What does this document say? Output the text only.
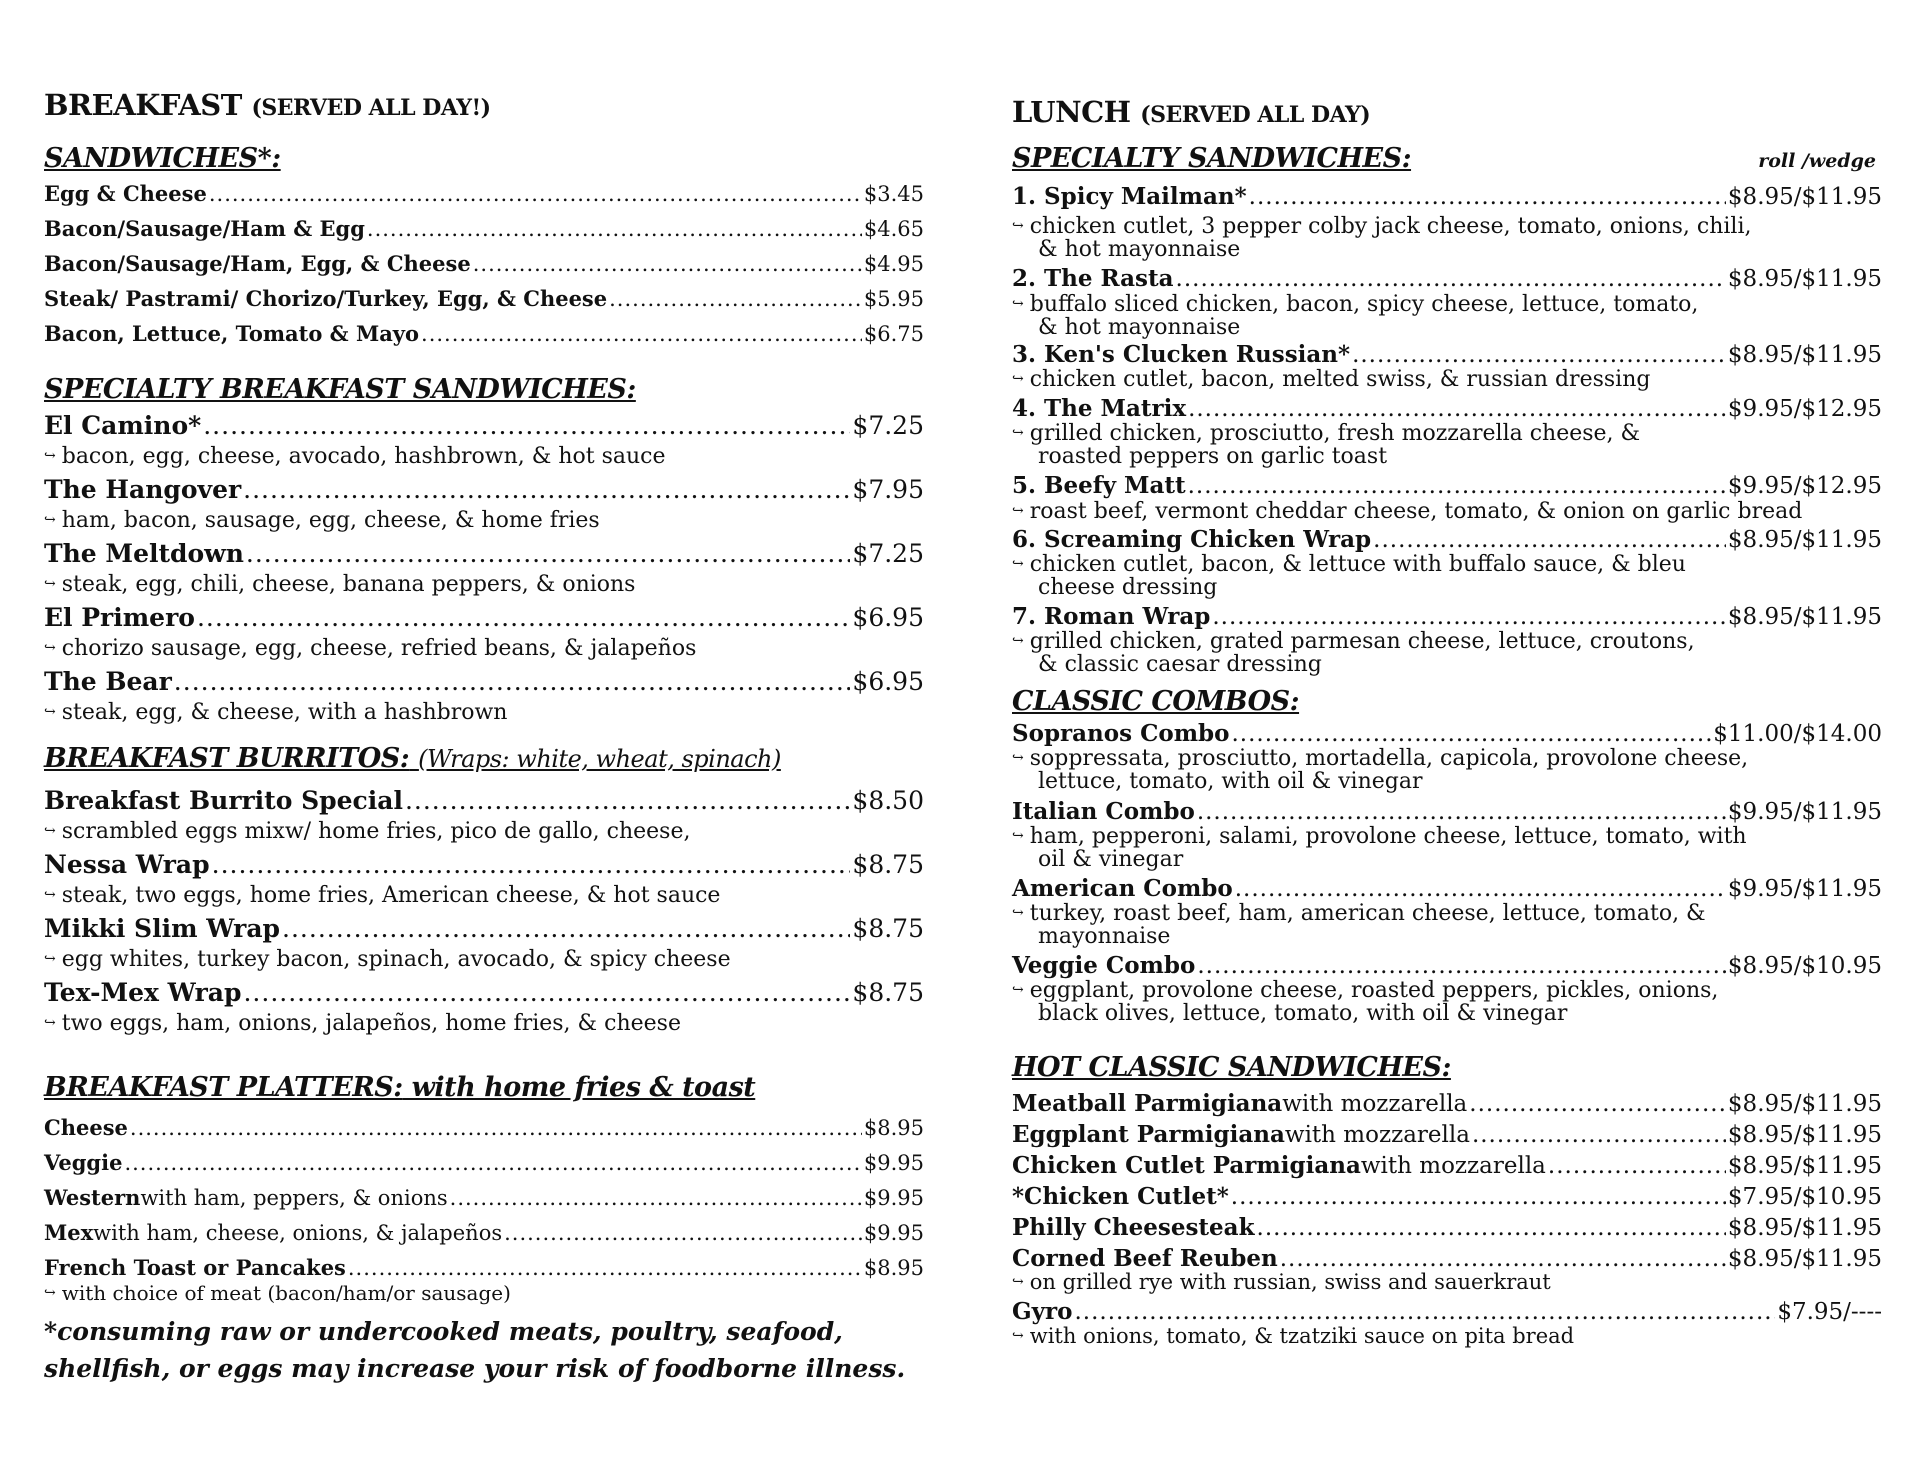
BREAKFAST (SERVED ALL DAY!)
SANDWICHES*:
Egg & Cheese .....	$3.45
Bacon/Sausage/Ham & Egg .....	$4.65
Bacon/Sausage/Ham, Egg, & Cheese .....	$4.95
Steak/ Pastrami/ Chorizo/Turkey, Egg, & Cheese .....	$5.95
Bacon, Lettuce, Tomato & Mayo .....	$6.75
SPECIALTY BREAKFAST SANDWICHES:
El Camino* .....	$7.25
↪ bacon, egg, cheese, avocado, hashbrown, & hot sauce
The Hangover .....	$7.95
↪ ham, bacon, sausage, egg, cheese, & home fries
The Meltdown .....	$7.25
↪ steak, egg, chili, cheese, banana peppers, & onions
El Primero .....	$6.95
↪ chorizo sausage, egg, cheese, refried beans, & jalapeños
The Bear .....	$6.95
↪ steak, egg, & cheese, with a hashbrown
BREAKFAST BURRITOS: (Wraps: white, wheat, spinach)
Breakfast Burrito Special .....	$8.50
↪ scrambled eggs mixw/ home fries, pico de gallo, cheese,
Nessa Wrap .....	$8.75
↪ steak, two eggs, home fries, American cheese, & hot sauce
Mikki Slim Wrap .....	$8.75
↪ egg whites, turkey bacon, spinach, avocado, & spicy cheese
Tex-Mex Wrap .....	$8.75
↪ two eggs, ham, onions, jalapeños, home fries, & cheese
BREAKFAST PLATTERS: with home fries & toast
Cheese .....	$8.95
Veggie .....	$9.95
Western with ham, peppers, & onions .....	$9.95
Mex with ham, cheese, onions, & jalapeños .....	$9.95
French Toast or Pancakes .....	$8.95
↪ with choice of meat (bacon/ham/or sausage)
*consuming raw or undercooked meats, poultry, seafood,
shellfish, or eggs may increase your risk of foodborne illness.
LUNCH (SERVED ALL DAY)
SPECIALTY SANDWICHES:	roll /wedge
1. Spicy Mailman* .....	$8.95/$11.95
↪ chicken cutlet, 3 pepper colby jack cheese, tomato, onions, chili,
& hot mayonnaise
2. The Rasta .....	$8.95/$11.95
↪ buffalo sliced chicken, bacon, spicy cheese, lettuce, tomato,
& hot mayonnaise
3. Ken's Clucken Russian* .....	$8.95/$11.95
↪ chicken cutlet, bacon, melted swiss, & russian dressing
4. The Matrix .....	$9.95/$12.95
↪ grilled chicken, prosciutto, fresh mozzarella cheese, &
roasted peppers on garlic toast
5. Beefy Matt .....	$9.95/$12.95
↪ roast beef, vermont cheddar cheese, tomato, & onion on garlic bread
6. Screaming Chicken Wrap .....	$8.95/$11.95
↪ chicken cutlet, bacon, & lettuce with buffalo sauce, & bleu
cheese dressing
7. Roman Wrap .....	$8.95/$11.95
↪ grilled chicken, grated parmesan cheese, lettuce, croutons,
& classic caesar dressing
CLASSIC COMBOS:
Sopranos Combo .....	$11.00/$14.00
↪ soppressata, prosciutto, mortadella, capicola, provolone cheese,
lettuce, tomato, with oil & vinegar
Italian Combo .....	$9.95/$11.95
↪ ham, pepperoni, salami, provolone cheese, lettuce, tomato, with
oil & vinegar
American Combo .....	$9.95/$11.95
↪ turkey, roast beef, ham, american cheese, lettuce, tomato, &
mayonnaise
Veggie Combo .....	$8.95/$10.95
↪ eggplant, provolone cheese, roasted peppers, pickles, onions,
black olives, lettuce, tomato, with oil & vinegar
HOT CLASSIC SANDWICHES:
Meatball Parmigiana with mozzarella .....	$8.95/$11.95
Eggplant Parmigiana with mozzarella .....	$8.95/$11.95
Chicken Cutlet Parmigiana with mozzarella .....	$8.95/$11.95
*Chicken Cutlet* .....	$7.95/$10.95
Philly Cheesesteak .....	$8.95/$11.95
Corned Beef Reuben .....	$8.95/$11.95
↪ on grilled rye with russian, swiss and sauerkraut
Gyro .....	$7.95/----
↪ with onions, tomato, & tzatziki sauce on pita bread
